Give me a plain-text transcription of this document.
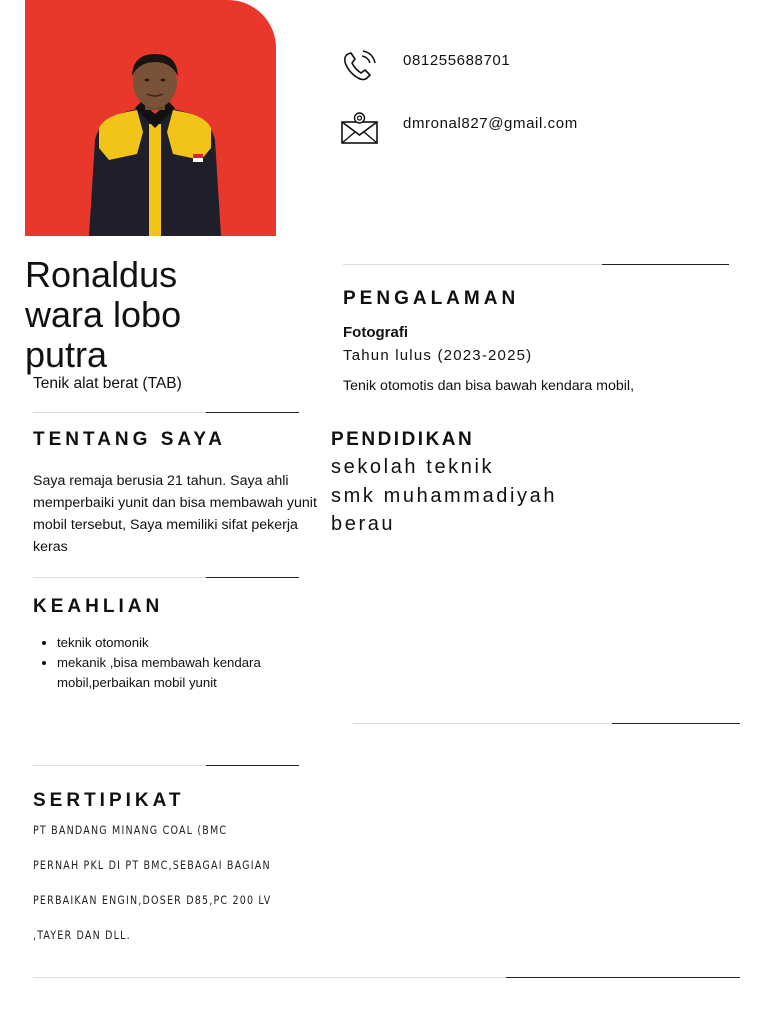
081255688701
dmronal827@gmail.com
Ronaldus
wara lobo
putra
Tenik alat berat (TAB)
TENTANG SAYA

Saya remaja berusia 21 tahun. Saya ahli memperbaiki yunit dan bisa membawah yunit mobil tersebut, Saya memiliki sifat pekerja keras

KEAHLIAN
• teknik otomonik
• mekanik ,bisa membawah kendara mobil,perbaikan mobil yunit
SERTIPIKAT
PT BANDANG MINANG COAL (BMC
PERNAH PKL DI PT BMC,SEBAGAI BAGIAN
PERBAIKAN ENGIN,DOSER D85,PC 200 LV
,TAYER DAN DLL.
PENGALAMAN
Fotografi
Tahun lulus (2023-2025)
Tenik otomotis dan bisa bawah kendara mobil,
PENDIDIKAN
sekolah teknik
smk muhammadiyah
berau
